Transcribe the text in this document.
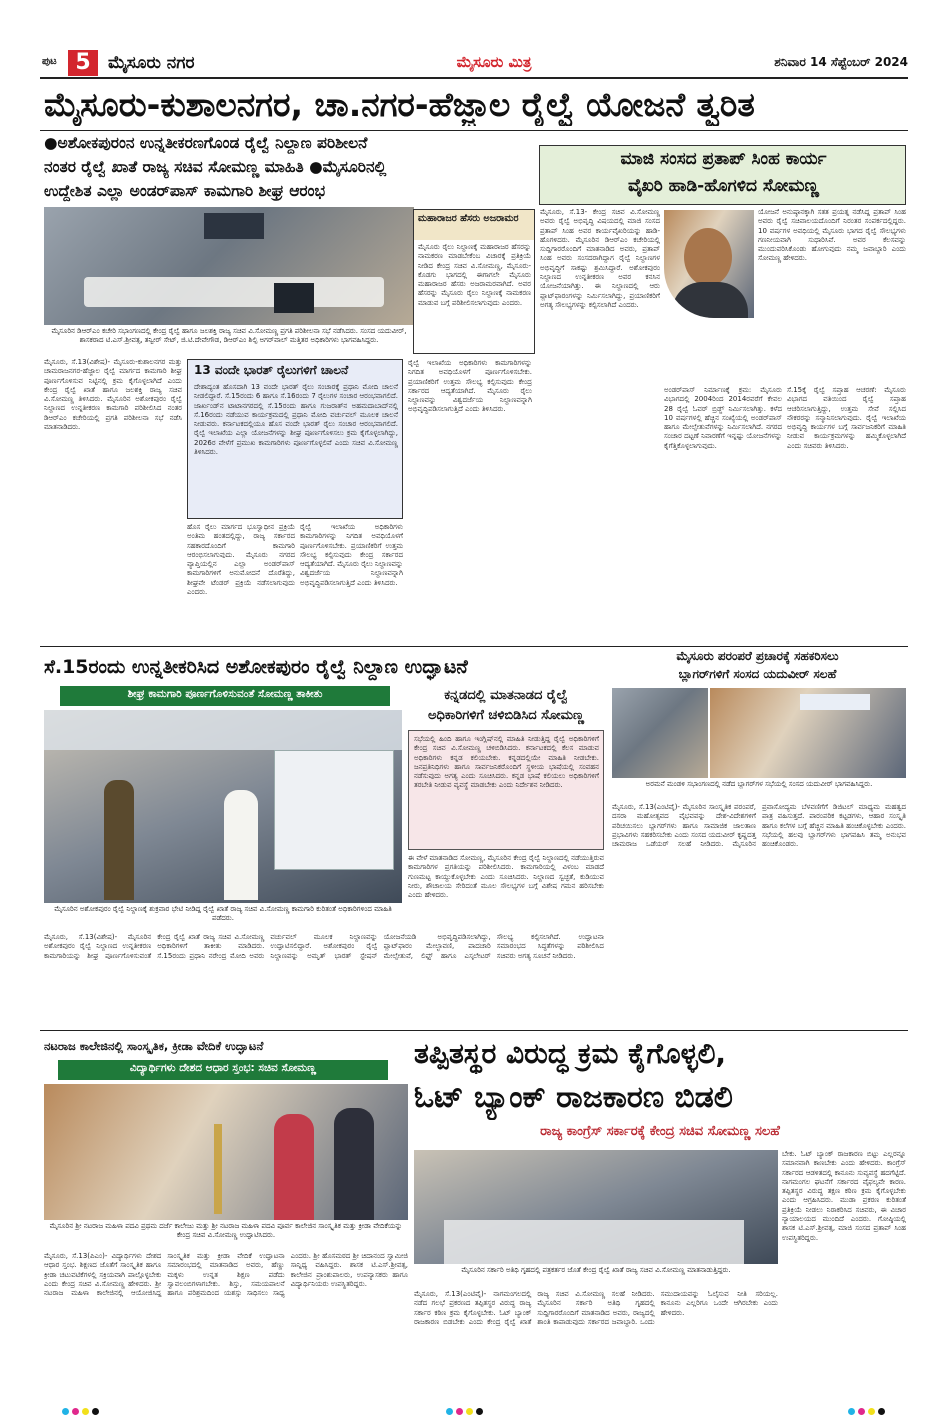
ಪುಟ 5	ಮೈಸೂರು ನಗರ	ಮೈಸೂರು ಮಿತ್ರ	ಶನಿವಾರ 14 ಸೆಪ್ಟೆಂಬರ್ 2024
ಮೈಸೂರು-ಕುಶಾಲನಗರ, ಚಾ.ನಗರ-ಹೆಜ್ಜಾಲ ರೈಲ್ವೆ ಯೋಜನೆ ತ್ವರಿತ
●ಅಶೋಕಪುರಂನ ಉನ್ನತೀಕರಣಗೊಂಡ ರೈಲ್ವೆ ನಿಲ್ದಾಣ ಪರಿಶೀಲನೆ
ನಂತರ ರೈಲ್ವೆ ಖಾತೆ ರಾಜ್ಯ ಸಚಿವ ಸೋಮಣ್ಣ ಮಾಹಿತಿ ●ಮೈಸೂರಿನಲ್ಲಿ
ಉದ್ದೇಶಿತ ಎಲ್ಲಾ ಅಂಡರ್‌ಪಾಸ್ ಕಾಮಗಾರಿ ಶೀಘ್ರ ಆರಂಭ
ಮೈಸೂರಿನ ಡಿಆರ್‌ಎಂ ಕಚೇರಿ ಸಭಾಂಗಣದಲ್ಲಿ ಕೇಂದ್ರ ರೈಲ್ವೆ ಹಾಗೂ ಜಲಶಕ್ತಿ ರಾಜ್ಯ ಸಚಿವ ವಿ.ಸೋಮಣ್ಣ ಪ್ರಗತಿ ಪರಿಶೀಲನಾ ಸಭೆ ನಡೆಸಿದರು. ಸಂಸದ ಯದುವೀರ್, ಶಾಸಕರಾದ ಟಿ.ಎಸ್.ಶ್ರೀವತ್ಸ, ತನ್ವೀರ್ ಸೇಟ್, ಜಿ.ಟಿ.ದೇವೇಗೌಡ, ಡಿಆರ್‌ಎಂ ಶಿಲ್ಪಿ ಅಗರ್‌ವಾಲ್ ಮತ್ತಿತರ ಅಧಿಕಾರಿಗಳು ಭಾಗವಹಿಸಿದ್ದರು.
ಮಹಾರಾಜರ ಹೆಸರು ಅಜರಾಮರ
ಮೈಸೂರು ರೈಲು ನಿಲ್ದಾಣಕ್ಕೆ ಮಹಾರಾಜರ ಹೆಸರನ್ನು ನಾಮಕರಣ ಮಾಡಬೇಕೆಂಬ ವಿಚಾರಕ್ಕೆ ಪ್ರತಿಕ್ರಿಯೆ ನೀಡಿದ ಕೇಂದ್ರ ಸಚಿವ ವಿ.ಸೋಮಣ್ಣ, ಮೈಸೂರು-ಕೊಡಗು ಭಾಗದಲ್ಲಿ ಈಗಾಗಲೇ ಮೈಸೂರು ಮಹಾರಾಜರ ಹೆಸರು ಅಜರಾಮರವಾಗಿದೆ. ಅವರ ಹೆಸರನ್ನು ಮೈಸೂರು ರೈಲು ನಿಲ್ದಾಣಕ್ಕೆ ನಾಮಕರಣ ಮಾಡುವ ಬಗ್ಗೆ ಪರಿಶೀಲಿಸಲಾಗುವುದು ಎಂದರು.
13 ವಂದೇ ಭಾರತ್ ರೈಲುಗಳಿಗೆ ಚಾಲನೆ
ದೇಶಾದ್ಯಂತ ಹೊಸದಾಗಿ 13 ವಂದೇ ಭಾರತ್ ರೈಲು ಸಂಚಾರಕ್ಕೆ ಪ್ರಧಾನಿ ಮೋದಿ ಚಾಲನೆ ನೀಡಲಿದ್ದಾರೆ. ಸೆ.15ರಂದು 6 ಹಾಗೂ ಸೆ.16ರಂದು 7 ರೈಲುಗಳ ಸಂಚಾರ ಆರಂಭವಾಗಲಿದೆ. ಜಾರ್ಖಂಡ್‌ನ ಟಾಟಾನಗರದಲ್ಲಿ ಸೆ.15ರಂದು ಹಾಗೂ ಗುಜರಾತ್‌ನ ಅಹಮದಾಬಾದ್‌ನಲ್ಲಿ ಸೆ.16ರಂದು ನಡೆಯುವ ಕಾರ್ಯಕ್ರಮದಲ್ಲಿ ಪ್ರಧಾನಿ ಮೋದಿ ವರ್ಚುವಲ್ ಮೂಲಕ ಚಾಲನೆ ನೀಡುವರು. ಕರ್ನಾಟಕದಲ್ಲಿಯೂ ಹೊಸ ವಂದೇ ಭಾರತ್ ರೈಲು ಸಂಚಾರ ಆರಂಭವಾಗಲಿದೆ. ರೈಲ್ವೆ ಇಲಾಖೆಯ ಎಲ್ಲಾ ಯೋಜನೆಗಳನ್ನು ಶೀಘ್ರ ಪೂರ್ಣಗೊಳಿಸಲು ಕ್ರಮ ಕೈಗೊಳ್ಳಲಾಗಿದ್ದು, 2026ರ ವೇಳೆಗೆ ಪ್ರಮುಖ ಕಾಮಗಾರಿಗಳು ಪೂರ್ಣಗೊಳ್ಳಲಿವೆ ಎಂದು ಸಚಿವ ವಿ.ಸೋಮಣ್ಣ ತಿಳಿಸಿದರು.
ಮೈಸೂರು, ಸೆ.13(ವಿಶೇಷ)- ಮೈಸೂರು-ಕುಶಾಲನಗರ ಮತ್ತು ಚಾಮರಾಜನಗರ-ಹೆಜ್ಜಾಲ ರೈಲ್ವೆ ಮಾರ್ಗದ ಕಾಮಗಾರಿ ಶೀಘ್ರ ಪೂರ್ಣಗೊಳಿಸುವ ನಿಟ್ಟಿನಲ್ಲಿ ಕ್ರಮ ಕೈಗೊಳ್ಳಲಾಗಿದೆ ಎಂದು ಕೇಂದ್ರ ರೈಲ್ವೆ ಖಾತೆ ಹಾಗೂ ಜಲಶಕ್ತಿ ರಾಜ್ಯ ಸಚಿವ ವಿ.ಸೋಮಣ್ಣ ತಿಳಿಸಿದರು. ಮೈಸೂರಿನ ಅಶೋಕಪುರಂ ರೈಲ್ವೆ ನಿಲ್ದಾಣದ ಉನ್ನತೀಕರಣ ಕಾಮಗಾರಿ ಪರಿಶೀಲಿಸಿದ ನಂತರ ಡಿಆರ್‌ಎಂ ಕಚೇರಿಯಲ್ಲಿ ಪ್ರಗತಿ ಪರಿಶೀಲನಾ ಸಭೆ ನಡೆಸಿ ಮಾತನಾಡಿದರು.
ಹೊಸ ರೈಲು ಮಾರ್ಗದ ಭೂಸ್ವಾಧೀನ ಪ್ರಕ್ರಿಯೆ ಅಂತಿಮ ಹಂತದಲ್ಲಿದ್ದು, ರಾಜ್ಯ ಸರ್ಕಾರದ ಸಹಕಾರದೊಂದಿಗೆ ಕಾಮಗಾರಿ ಆರಂಭಿಸಲಾಗುವುದು. ಮೈಸೂರು ನಗರದ ವ್ಯಾಪ್ತಿಯಲ್ಲಿನ ಎಲ್ಲಾ ಅಂಡರ್‌ಪಾಸ್ ಕಾಮಗಾರಿಗಳಿಗೆ ಅನುಮೋದನೆ ದೊರೆತಿದ್ದು, ಶೀಘ್ರವೇ ಟೆಂಡರ್ ಪ್ರಕ್ರಿಯೆ ನಡೆಸಲಾಗುವುದು ಎಂದರು.
ರೈಲ್ವೆ ಇಲಾಖೆಯ ಅಧಿಕಾರಿಗಳು ಕಾಮಗಾರಿಗಳನ್ನು ನಿಗದಿತ ಅವಧಿಯೊಳಗೆ ಪೂರ್ಣಗೊಳಿಸಬೇಕು. ಪ್ರಯಾಣಿಕರಿಗೆ ಉತ್ತಮ ಸೌಲಭ್ಯ ಕಲ್ಪಿಸುವುದು ಕೇಂದ್ರ ಸರ್ಕಾರದ ಆದ್ಯತೆಯಾಗಿದೆ. ಮೈಸೂರು ರೈಲು ನಿಲ್ದಾಣವನ್ನು ವಿಶ್ವದರ್ಜೆಯ ನಿಲ್ದಾಣವನ್ನಾಗಿ ಅಭಿವೃದ್ಧಿಪಡಿಸಲಾಗುತ್ತಿದೆ ಎಂದು ತಿಳಿಸಿದರು.
ರೈಲ್ವೆ ಇಲಾಖೆಯ ಅಧಿಕಾರಿಗಳು ಕಾಮಗಾರಿಗಳನ್ನು ನಿಗದಿತ ಅವಧಿಯೊಳಗೆ ಪೂರ್ಣಗೊಳಿಸಬೇಕು. ಪ್ರಯಾಣಿಕರಿಗೆ ಉತ್ತಮ ಸೌಲಭ್ಯ ಕಲ್ಪಿಸುವುದು ಕೇಂದ್ರ ಸರ್ಕಾರದ ಆದ್ಯತೆಯಾಗಿದೆ. ಮೈಸೂರು ರೈಲು ನಿಲ್ದಾಣವನ್ನು ವಿಶ್ವದರ್ಜೆಯ ನಿಲ್ದಾಣವನ್ನಾಗಿ ಅಭಿವೃದ್ಧಿಪಡಿಸಲಾಗುತ್ತಿದೆ ಎಂದು ತಿಳಿಸಿದರು.
ಮಾಜಿ ಸಂಸದ ಪ್ರತಾಪ್ ಸಿಂಹ ಕಾರ್ಯ
ವೈಖರಿ ಹಾಡಿ-ಹೊಗಳಿದ ಸೋಮಣ್ಣ
ಮೈಸೂರು, ಸೆ.13- ಕೇಂದ್ರ ಸಚಿವ ವಿ.ಸೋಮಣ್ಣ ಅವರು ರೈಲ್ವೆ ಅಭಿವೃದ್ಧಿ ವಿಷಯದಲ್ಲಿ ಮಾಜಿ ಸಂಸದ ಪ್ರತಾಪ್ ಸಿಂಹ ಅವರ ಕಾರ್ಯವೈಖರಿಯನ್ನು ಹಾಡಿ-ಹೊಗಳಿದರು. ಮೈಸೂರಿನ ಡಿಆರ್‌ಎಂ ಕಚೇರಿಯಲ್ಲಿ ಸುದ್ದಿಗಾರರೊಂದಿಗೆ ಮಾತನಾಡಿದ ಅವರು, ಪ್ರತಾಪ್ ಸಿಂಹ ಅವರು ಸಂಸದರಾಗಿದ್ದಾಗ ರೈಲ್ವೆ ನಿಲ್ದಾಣಗಳ ಅಭಿವೃದ್ಧಿಗೆ ಸಾಕಷ್ಟು ಶ್ರಮಿಸಿದ್ದಾರೆ. ಅಶೋಕಪುರಂ ನಿಲ್ದಾಣದ ಉನ್ನತೀಕರಣ ಅವರ ಕನಸಿನ ಯೋಜನೆಯಾಗಿತ್ತು. ಈ ನಿಲ್ದಾಣದಲ್ಲಿ ಆರು ಪ್ಲಾಟ್‌ಫಾರಂಗಳನ್ನು ನಿರ್ಮಿಸಲಾಗಿದ್ದು, ಪ್ರಯಾಣಿಕರಿಗೆ ಅಗತ್ಯ ಸೌಲಭ್ಯಗಳನ್ನು ಕಲ್ಪಿಸಲಾಗಿದೆ ಎಂದರು.
ಯೋಜನೆ ಅನುಷ್ಠಾನಕ್ಕಾಗಿ ಸತತ ಪ್ರಯತ್ನ ನಡೆಸಿದ್ದ ಪ್ರತಾಪ್ ಸಿಂಹ ಅವರು ರೈಲ್ವೆ ಸಚಿವಾಲಯದೊಂದಿಗೆ ನಿರಂತರ ಸಂಪರ್ಕದಲ್ಲಿದ್ದರು. 10 ವರ್ಷಗಳ ಅವಧಿಯಲ್ಲಿ ಮೈಸೂರು ಭಾಗದ ರೈಲ್ವೆ ಸೌಲಭ್ಯಗಳು ಗಣನೀಯವಾಗಿ ಸುಧಾರಿಸಿವೆ. ಅವರ ಕೆಲಸವನ್ನು ಮುಂದುವರಿಸಿಕೊಂಡು ಹೋಗುವುದು ನಮ್ಮ ಜವಾಬ್ದಾರಿ ಎಂದು ಸೋಮಣ್ಣ ಹೇಳಿದರು.
ಅಂಡರ್‌ಪಾಸ್ ನಿರ್ಮಾಣಕ್ಕೆ ಕ್ರಮ: ಮೈಸೂರು ವಿಭಾಗದಲ್ಲಿ 2004ರಿಂದ 2014ರವರೆಗೆ ಕೇವಲ 28 ರೈಲ್ವೆ ಓವರ್ ಬ್ರಿಡ್ಜ್ ನಿರ್ಮಿಸಲಾಗಿತ್ತು. ಕಳೆದ 10 ವರ್ಷಗಳಲ್ಲಿ ಹೆಚ್ಚಿನ ಸಂಖ್ಯೆಯಲ್ಲಿ ಅಂಡರ್‌ಪಾಸ್ ಹಾಗೂ ಮೇಲ್ಸೇತುವೆಗಳನ್ನು ನಿರ್ಮಿಸಲಾಗಿದೆ. ನಗರದ ಸಂಚಾರ ದಟ್ಟಣೆ ನಿವಾರಣೆಗೆ ಇನ್ನಷ್ಟು ಯೋಜನೆಗಳನ್ನು ಕೈಗೆತ್ತಿಕೊಳ್ಳಲಾಗುವುದು.
ಸೆ.15ಕ್ಕೆ ರೈಲ್ವೆ ಸಪ್ತಾಹ ಆಚರಣೆ: ಮೈಸೂರು ವಿಭಾಗದ ವತಿಯಿಂದ ರೈಲ್ವೆ ಸಪ್ತಾಹ ಆಚರಿಸಲಾಗುತ್ತಿದ್ದು, ಉತ್ತಮ ಸೇವೆ ಸಲ್ಲಿಸಿದ ನೌಕರರನ್ನು ಸನ್ಮಾನಿಸಲಾಗುವುದು. ರೈಲ್ವೆ ಇಲಾಖೆಯ ಅಭಿವೃದ್ಧಿ ಕಾರ್ಯಗಳ ಬಗ್ಗೆ ಸಾರ್ವಜನಿಕರಿಗೆ ಮಾಹಿತಿ ನೀಡುವ ಕಾರ್ಯಕ್ರಮಗಳನ್ನು ಹಮ್ಮಿಕೊಳ್ಳಲಾಗಿದೆ ಎಂದು ಸಚಿವರು ತಿಳಿಸಿದರು.
ಸೆ.15ರಂದು ಉನ್ನತೀಕರಿಸಿದ ಅಶೋಕಪುರಂ ರೈಲ್ವೆ ನಿಲ್ದಾಣ ಉದ್ಘಾಟನೆ
ಶೀಘ್ರ ಕಾಮಗಾರಿ ಪೂರ್ಣಗೊಳಿಸುವಂತೆ ಸೋಮಣ್ಣ ತಾಕೀತು
ಮೈಸೂರಿನ ಅಶೋಕಪುರಂ ರೈಲ್ವೆ ನಿಲ್ದಾಣಕ್ಕೆ ಶುಕ್ರವಾರ ಭೇಟಿ ನೀಡಿದ್ದ ರೈಲ್ವೆ ಖಾತೆ ರಾಜ್ಯ ಸಚಿವ ವಿ.ಸೋಮಣ್ಣ ಕಾಮಗಾರಿ ಕುರಿತಂತೆ ಅಧಿಕಾರಿಗಳಿಂದ ಮಾಹಿತಿ ಪಡೆದರು.
ಮೈಸೂರು, ಸೆ.13(ವಿಶೇಷ)- ಮೈಸೂರಿನ ಅಶೋಕಪುರಂ ರೈಲ್ವೆ ನಿಲ್ದಾಣದ ಉನ್ನತೀಕರಣ ಕಾಮಗಾರಿಯನ್ನು ಶೀಘ್ರ ಪೂರ್ಣಗೊಳಿಸುವಂತೆ ಕೇಂದ್ರ ರೈಲ್ವೆ ಖಾತೆ ರಾಜ್ಯ ಸಚಿವ ವಿ.ಸೋಮಣ್ಣ ಅಧಿಕಾರಿಗಳಿಗೆ ತಾಕೀತು ಮಾಡಿದರು. ಸೆ.15ರಂದು ಪ್ರಧಾನಿ ನರೇಂದ್ರ ಮೋದಿ ಅವರು ವರ್ಚುವಲ್ ಮೂಲಕ ನಿಲ್ದಾಣವನ್ನು ಉದ್ಘಾಟಿಸಲಿದ್ದಾರೆ. ಅಶೋಕಪುರಂ ರೈಲ್ವೆ ನಿಲ್ದಾಣವನ್ನು ಅಮೃತ್ ಭಾರತ್ ಸ್ಟೇಷನ್ ಯೋಜನೆಯಡಿ ಅಭಿವೃದ್ಧಿಪಡಿಸಲಾಗಿದ್ದು, ಪ್ಲಾಟ್‌ಫಾರಂ ಮೇಲ್ಛಾವಣಿ, ಪಾದಚಾರಿ ಮೇಲ್ಸೇತುವೆ, ಲಿಫ್ಟ್ ಹಾಗೂ ಎಸ್ಕಲೇಟರ್ ಸೌಲಭ್ಯ ಕಲ್ಪಿಸಲಾಗಿದೆ. ಉದ್ಘಾಟನಾ ಸಮಾರಂಭದ ಸಿದ್ಧತೆಗಳನ್ನು ಪರಿಶೀಲಿಸಿದ ಸಚಿವರು ಅಗತ್ಯ ಸೂಚನೆ ನೀಡಿದರು.
ಕನ್ನಡದಲ್ಲಿ ಮಾತನಾಡದ ರೈಲ್ವೆ
ಅಧಿಕಾರಿಗಳಿಗೆ ಚಳಿಬಿಡಿಸಿದ ಸೋಮಣ್ಣ
ಸಭೆಯಲ್ಲಿ ಹಿಂದಿ ಹಾಗೂ ಇಂಗ್ಲಿಷ್‌ನಲ್ಲಿ ಮಾಹಿತಿ ನೀಡುತ್ತಿದ್ದ ರೈಲ್ವೆ ಅಧಿಕಾರಿಗಳಿಗೆ ಕೇಂದ್ರ ಸಚಿವ ವಿ.ಸೋಮಣ್ಣ ಚಳಿಬಿಡಿಸಿದರು. ಕರ್ನಾಟಕದಲ್ಲಿ ಕೆಲಸ ಮಾಡುವ ಅಧಿಕಾರಿಗಳು ಕನ್ನಡ ಕಲಿಯಬೇಕು. ಕನ್ನಡದಲ್ಲಿಯೇ ಮಾಹಿತಿ ನೀಡಬೇಕು. ಜನಪ್ರತಿನಿಧಿಗಳು ಹಾಗೂ ಸಾರ್ವಜನಿಕರೊಂದಿಗೆ ಸ್ಥಳೀಯ ಭಾಷೆಯಲ್ಲಿ ಸಂವಹನ ನಡೆಸುವುದು ಅಗತ್ಯ ಎಂದು ಸೂಚಿಸಿದರು. ಕನ್ನಡ ಭಾಷೆ ಕಲಿಯಲು ಅಧಿಕಾರಿಗಳಿಗೆ ತರಬೇತಿ ನೀಡುವ ವ್ಯವಸ್ಥೆ ಮಾಡಬೇಕು ಎಂದು ನಿರ್ದೇಶನ ನೀಡಿದರು.
ಈ ವೇಳೆ ಮಾತನಾಡಿದ ಸೋಮಣ್ಣ, ಮೈಸೂರಿನ ಕೇಂದ್ರ ರೈಲ್ವೆ ನಿಲ್ದಾಣದಲ್ಲಿ ನಡೆಯುತ್ತಿರುವ ಕಾಮಗಾರಿಗಳ ಪ್ರಗತಿಯನ್ನು ಪರಿಶೀಲಿಸಿದರು. ಕಾಮಗಾರಿಯಲ್ಲಿ ವಿಳಂಬ ಮಾಡದೆ ಗುಣಮಟ್ಟ ಕಾಯ್ದುಕೊಳ್ಳಬೇಕು ಎಂದು ಸೂಚಿಸಿದರು. ನಿಲ್ದಾಣದ ಸ್ವಚ್ಛತೆ, ಕುಡಿಯುವ ನೀರು, ಶೌಚಾಲಯ ಸೇರಿದಂತೆ ಮೂಲ ಸೌಲಭ್ಯಗಳ ಬಗ್ಗೆ ವಿಶೇಷ ಗಮನ ಹರಿಸಬೇಕು ಎಂದು ಹೇಳಿದರು.
ಮೈಸೂರು ಪರಂಪರೆ ಪ್ರಚಾರಕ್ಕೆ ಸಹಕರಿಸಲು
ಬ್ಲಾಗರ್‌ಗಳಿಗೆ ಸಂಸದ ಯದುವೀರ್ ಸಲಹೆ
ಅರಮನೆ ಮಂಡಳಿ ಸಭಾಂಗಣದಲ್ಲಿ ನಡೆದ ಬ್ಲಾಗರ್‌ಗಳ ಸಭೆಯಲ್ಲಿ ಸಂಸದ ಯದುವೀರ್ ಭಾಗವಹಿಸಿದ್ದರು.
ಮೈಸೂರು, ಸೆ.13(ಎಂಟಿವೈ)- ಮೈಸೂರಿನ ಸಾಂಸ್ಕೃತಿಕ ಪರಂಪರೆ, ದಸರಾ ಮಹೋತ್ಸವದ ವೈಭವವನ್ನು ದೇಶ-ವಿದೇಶಗಳಿಗೆ ಪರಿಚಯಿಸಲು ಬ್ಲಾಗರ್‌ಗಳು ಹಾಗೂ ಸಾಮಾಜಿಕ ಜಾಲತಾಣ ಪ್ರಭಾವಿಗಳು ಸಹಕರಿಸಬೇಕು ಎಂದು ಸಂಸದ ಯದುವೀರ್ ಕೃಷ್ಣದತ್ತ ಚಾಮರಾಜ ಒಡೆಯರ್ ಸಲಹೆ ನೀಡಿದರು. ಮೈಸೂರಿನ ಪ್ರವಾಸೋದ್ಯಮ ಬೆಳವಣಿಗೆಗೆ ಡಿಜಿಟಲ್ ಮಾಧ್ಯಮ ಮಹತ್ವದ ಪಾತ್ರ ವಹಿಸುತ್ತದೆ. ಪಾರಂಪರಿಕ ಕಟ್ಟಡಗಳು, ಆಹಾರ ಸಂಸ್ಕೃತಿ ಹಾಗೂ ಕಲೆಗಳ ಬಗ್ಗೆ ಹೆಚ್ಚಿನ ಮಾಹಿತಿ ಹಂಚಿಕೊಳ್ಳಬೇಕು ಎಂದರು. ಸಭೆಯಲ್ಲಿ ಹಲವು ಬ್ಲಾಗರ್‌ಗಳು ಭಾಗವಹಿಸಿ ತಮ್ಮ ಅನುಭವ ಹಂಚಿಕೊಂಡರು.
ನಟರಾಜ ಕಾಲೇಜಿನಲ್ಲಿ ಸಾಂಸ್ಕೃತಿಕ, ಕ್ರೀಡಾ ವೇದಿಕೆ ಉದ್ಘಾಟನೆ
ವಿದ್ಯಾರ್ಥಿಗಳು ದೇಶದ ಆಧಾರ ಸ್ತಂಭ: ಸಚಿವ ಸೋಮಣ್ಣ
ಮೈಸೂರಿನ ಶ್ರೀ ನಟರಾಜ ಮಹಿಳಾ ಪದವಿ ಪ್ರಥಮ ದರ್ಜೆ ಕಾಲೇಜು ಮತ್ತು ಶ್ರೀ ನಟರಾಜ ಮಹಿಳಾ ಪದವಿ ಪೂರ್ವ ಕಾಲೇಜಿನ ಸಾಂಸ್ಕೃತಿಕ ಮತ್ತು ಕ್ರೀಡಾ ವೇದಿಕೆಯನ್ನು ಕೇಂದ್ರ ಸಚಿವ ವಿ.ಸೋಮಣ್ಣ ಉದ್ಘಾಟಿಸಿದರು.
ಮೈಸೂರು, ಸೆ.13(ಪಿಎಂ)- ವಿದ್ಯಾರ್ಥಿಗಳು ದೇಶದ ಆಧಾರ ಸ್ತಂಭ. ಶಿಕ್ಷಣದ ಜೊತೆಗೆ ಸಾಂಸ್ಕೃತಿಕ ಹಾಗೂ ಕ್ರೀಡಾ ಚಟುವಟಿಕೆಗಳಲ್ಲಿ ಸಕ್ರಿಯವಾಗಿ ಪಾಲ್ಗೊಳ್ಳಬೇಕು ಎಂದು ಕೇಂದ್ರ ಸಚಿವ ವಿ.ಸೋಮಣ್ಣ ಹೇಳಿದರು. ಶ್ರೀ ನಟರಾಜ ಮಹಿಳಾ ಕಾಲೇಜಿನಲ್ಲಿ ಆಯೋಜಿಸಿದ್ದ ಸಾಂಸ್ಕೃತಿಕ ಮತ್ತು ಕ್ರೀಡಾ ವೇದಿಕೆ ಉದ್ಘಾಟನಾ ಸಮಾರಂಭದಲ್ಲಿ ಮಾತನಾಡಿದ ಅವರು, ಹೆಣ್ಣು ಮಕ್ಕಳು ಉನ್ನತ ಶಿಕ್ಷಣ ಪಡೆದು ಸ್ವಾವಲಂಬಿಗಳಾಗಬೇಕು. ಶಿಸ್ತು, ಸಮಯಪಾಲನೆ ಹಾಗೂ ಪರಿಶ್ರಮದಿಂದ ಯಶಸ್ಸು ಸಾಧಿಸಲು ಸಾಧ್ಯ ಎಂದರು. ಶ್ರೀ ಹೊಸಮಠದ ಶ್ರೀ ಚಿದಾನಂದ ಸ್ವಾಮೀಜಿ ಸಾನ್ನಿಧ್ಯ ವಹಿಸಿದ್ದರು. ಶಾಸಕ ಟಿ.ಎಸ್.ಶ್ರೀವತ್ಸ, ಕಾಲೇಜಿನ ಪ್ರಾಂಶುಪಾಲರು, ಉಪನ್ಯಾಸಕರು ಹಾಗೂ ವಿದ್ಯಾರ್ಥಿನಿಯರು ಉಪಸ್ಥಿತರಿದ್ದರು.
ತಪ್ಪಿತಸ್ಥರ ವಿರುದ್ಧ ಕ್ರಮ ಕೈಗೊಳ್ಳಲಿ,
ಓಟ್ ಬ್ಯಾಂಕ್ ರಾಜಕಾರಣ ಬಿಡಲಿ
ರಾಜ್ಯ ಕಾಂಗ್ರೆಸ್ ಸರ್ಕಾರಕ್ಕೆ ಕೇಂದ್ರ ಸಚಿವ ಸೋಮಣ್ಣ ಸಲಹೆ
ಮೈಸೂರಿನ ಸರ್ಕಾರಿ ಅತಿಥಿ ಗೃಹದಲ್ಲಿ ಪತ್ರಕರ್ತರ ಜೊತೆ ಕೇಂದ್ರ ರೈಲ್ವೆ ಖಾತೆ ರಾಜ್ಯ ಸಚಿವ ವಿ.ಸೋಮಣ್ಣ ಮಾತನಾಡುತ್ತಿದ್ದರು.
ಬೇಕು. ಓಟ್ ಬ್ಯಾಂಕ್ ರಾಜಕಾರಣ ಬಿಟ್ಟು ಎಲ್ಲರನ್ನೂ ಸಮಾನವಾಗಿ ಕಾಣಬೇಕು ಎಂದು ಹೇಳಿದರು. ಕಾಂಗ್ರೆಸ್ ಸರ್ಕಾರದ ಆಡಳಿತದಲ್ಲಿ ಕಾನೂನು ಸುವ್ಯವಸ್ಥೆ ಹದಗೆಟ್ಟಿದೆ. ನಾಗಮಂಗಲ ಘಟನೆಗೆ ಸರ್ಕಾರದ ವೈಫಲ್ಯವೇ ಕಾರಣ. ತಪ್ಪಿತಸ್ಥರ ವಿರುದ್ಧ ತಕ್ಷಣ ಕಠಿಣ ಕ್ರಮ ಕೈಗೊಳ್ಳಬೇಕು ಎಂದು ಆಗ್ರಹಿಸಿದರು. ಮುಡಾ ಪ್ರಕರಣ ಕುರಿತಂತೆ ಪ್ರತಿಕ್ರಿಯೆ ನೀಡಲು ನಿರಾಕರಿಸಿದ ಸಚಿವರು, ಈ ವಿಚಾರ ನ್ಯಾಯಾಲಯದ ಮುಂದಿದೆ ಎಂದರು. ಗೋಷ್ಠಿಯಲ್ಲಿ ಶಾಸಕ ಟಿ.ಎಸ್.ಶ್ರೀವತ್ಸ, ಮಾಜಿ ಸಂಸದ ಪ್ರತಾಪ್ ಸಿಂಹ ಉಪಸ್ಥಿತರಿದ್ದರು.
ಮೈಸೂರು, ಸೆ.13(ಎಂಟಿವೈ)- ನಾಗಮಂಗಲದಲ್ಲಿ ನಡೆದ ಗಲಭೆ ಪ್ರಕರಣದ ತಪ್ಪಿತಸ್ಥರ ವಿರುದ್ಧ ರಾಜ್ಯ ಸರ್ಕಾರ ಕಠಿಣ ಕ್ರಮ ಕೈಗೊಳ್ಳಬೇಕು. ಓಟ್ ಬ್ಯಾಂಕ್ ರಾಜಕಾರಣ ಬಿಡಬೇಕು ಎಂದು ಕೇಂದ್ರ ರೈಲ್ವೆ ಖಾತೆ ರಾಜ್ಯ ಸಚಿವ ವಿ.ಸೋಮಣ್ಣ ಸಲಹೆ ನೀಡಿದರು. ಮೈಸೂರಿನ ಸರ್ಕಾರಿ ಅತಿಥಿ ಗೃಹದಲ್ಲಿ ಸುದ್ದಿಗಾರರೊಂದಿಗೆ ಮಾತನಾಡಿದ ಅವರು, ರಾಜ್ಯದಲ್ಲಿ ಶಾಂತಿ ಕಾಪಾಡುವುದು ಸರ್ಕಾರದ ಜವಾಬ್ದಾರಿ. ಒಂದು ಸಮುದಾಯವನ್ನು ಓಲೈಸುವ ನೀತಿ ಸರಿಯಲ್ಲ. ಕಾನೂನು ಎಲ್ಲರಿಗೂ ಒಂದೇ ಆಗಿರಬೇಕು ಎಂದು ಹೇಳಿದರು.
